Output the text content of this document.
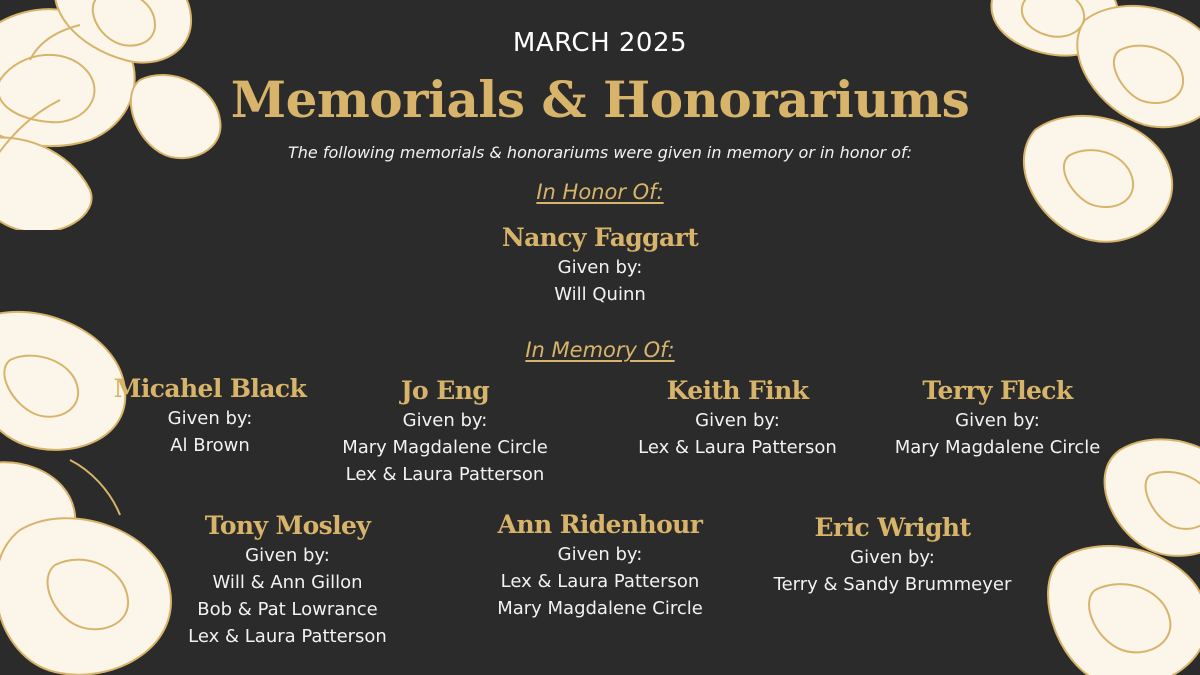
MARCH 2025
Memorials & Honorariums
The following memorials & honorariums were given in memory or in honor of:
In Honor Of:
Nancy Faggart
Given by:
Will Quinn
In Memory Of:
Micahel Black
Given by:
Al Brown
Jo Eng
Given by:
Mary Magdalene Circle
Lex & Laura Patterson
Keith Fink
Given by:
Lex & Laura Patterson
Terry Fleck
Given by:
Mary Magdalene Circle
Tony Mosley
Given by:
Will & Ann Gillon
Bob & Pat Lowrance
Lex & Laura Patterson
Ann Ridenhour
Given by:
Lex & Laura Patterson
Mary Magdalene Circle
Eric Wright
Given by:
Terry & Sandy Brummeyer
